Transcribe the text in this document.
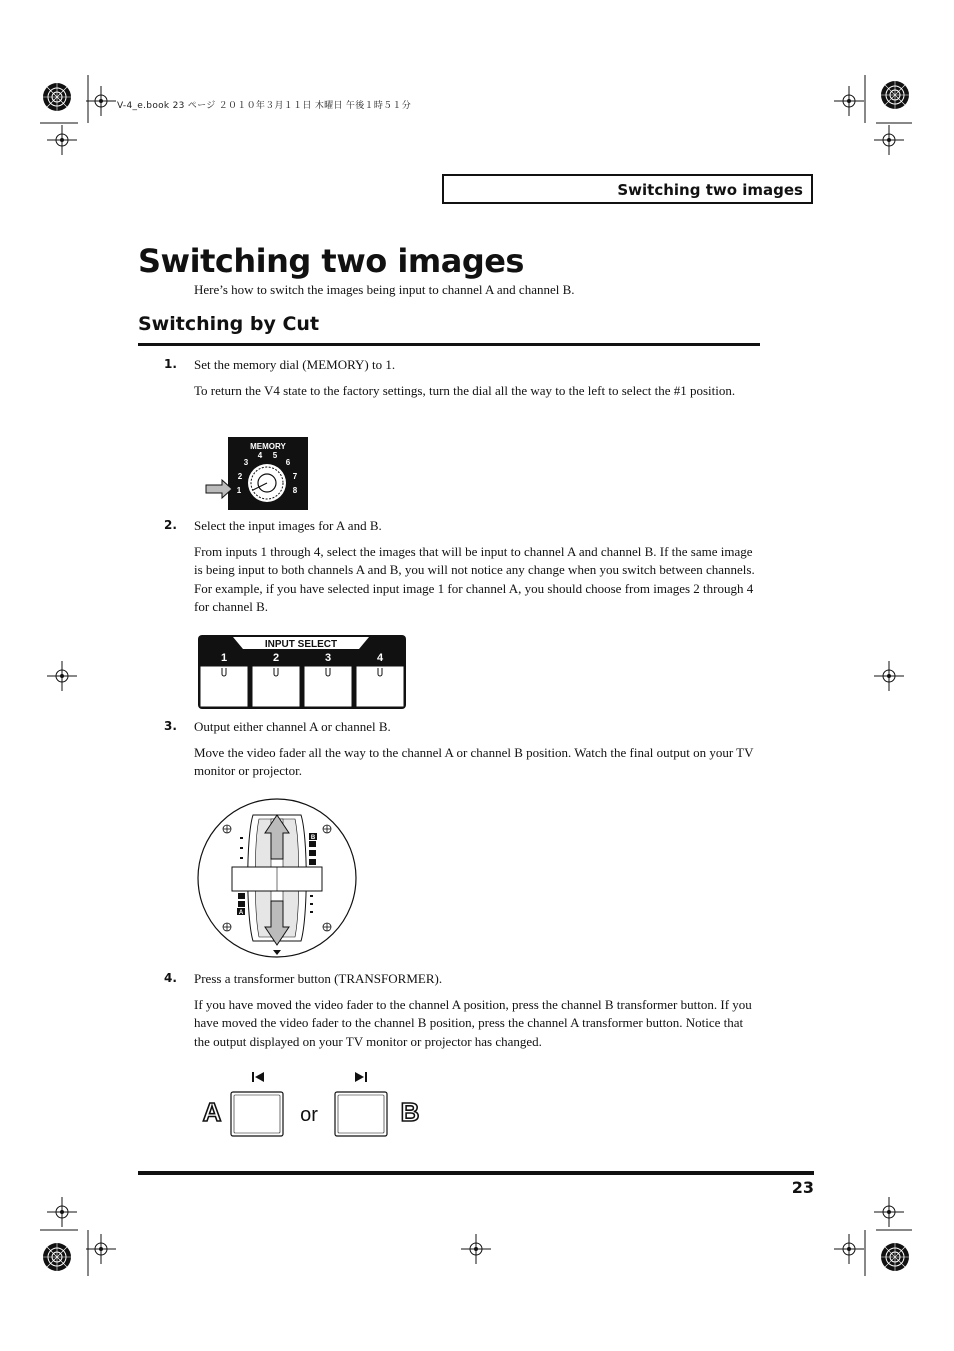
V-4_e.book 23 ページ ２０１０年３月１１日 木曜日 午後１時５１分
Switching two images
Switching two images
Here’s how to switch the images being input to channel A and channel B.
Switching by Cut
1. Set the memory dial (MEMORY) to 1.
To return the V4 state to the factory settings, turn the dial all the way to the left to select the #1 position.
MEMORY
1
2
3
4 5
6
7
8
2. Select the input images for A and B.
From inputs 1 through 4, select the images that will be input to channel A and channel B. If the same image is being input to both channels A and B, you will not notice any change when you switch between channels. For example, if you have selected input image 1 for channel A, you should choose from images 2 through 4 for channel B.
INPUT SELECT
1	2	3	4
3. Output either channel A or channel B.
Move the video fader all the way to the channel A or channel B position. Watch the final output on your TV monitor or projector.
B
A
4. Press a transformer button (TRANSFORMER).
If you have moved the video fader to the channel A position, press the channel B transformer button. If you have moved the video fader to the channel B position, press the channel A transformer button. Notice that the output displayed on your TV monitor or projector has changed.
A	or	B
23
